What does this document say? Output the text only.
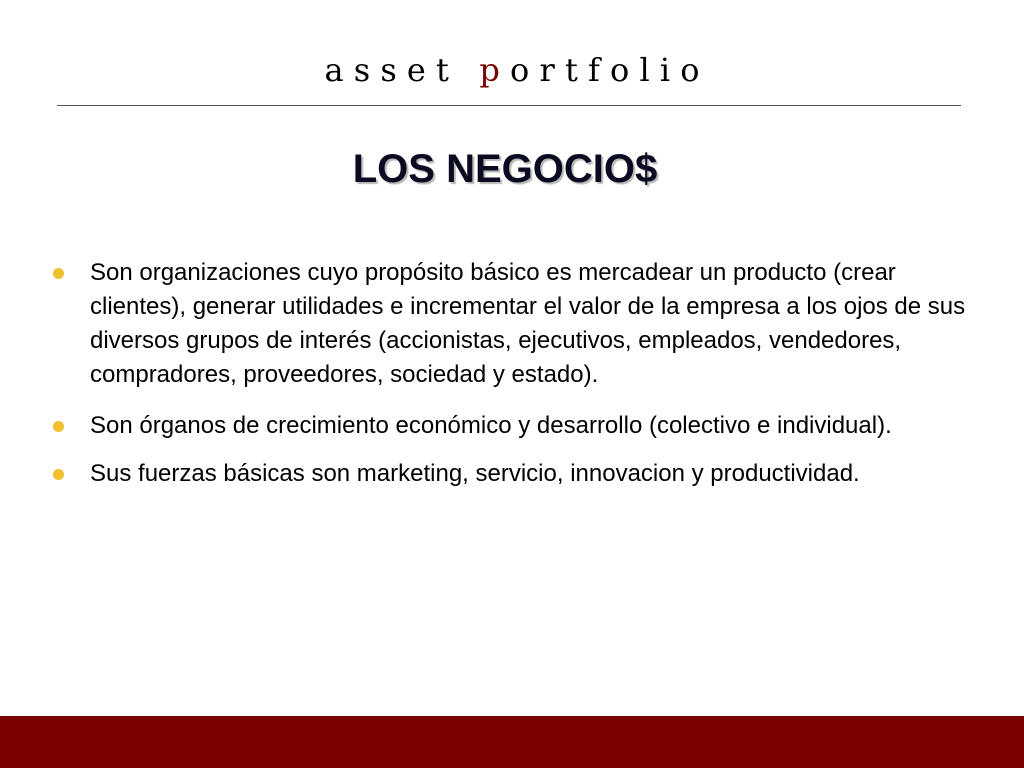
a s s e t   p o r t f o l i o
LOS NEGOCIO$
Son organizaciones cuyo propósito básico es mercadear un producto (crear clientes), generar utilidades e incrementar el valor de la empresa a los ojos de sus diversos grupos de interés (accionistas, ejecutivos, empleados, vendedores, compradores, proveedores, sociedad y estado).
Son órganos de crecimiento económico y desarrollo (colectivo e individual).
Sus fuerzas básicas son marketing, servicio, innovacion y productividad.
